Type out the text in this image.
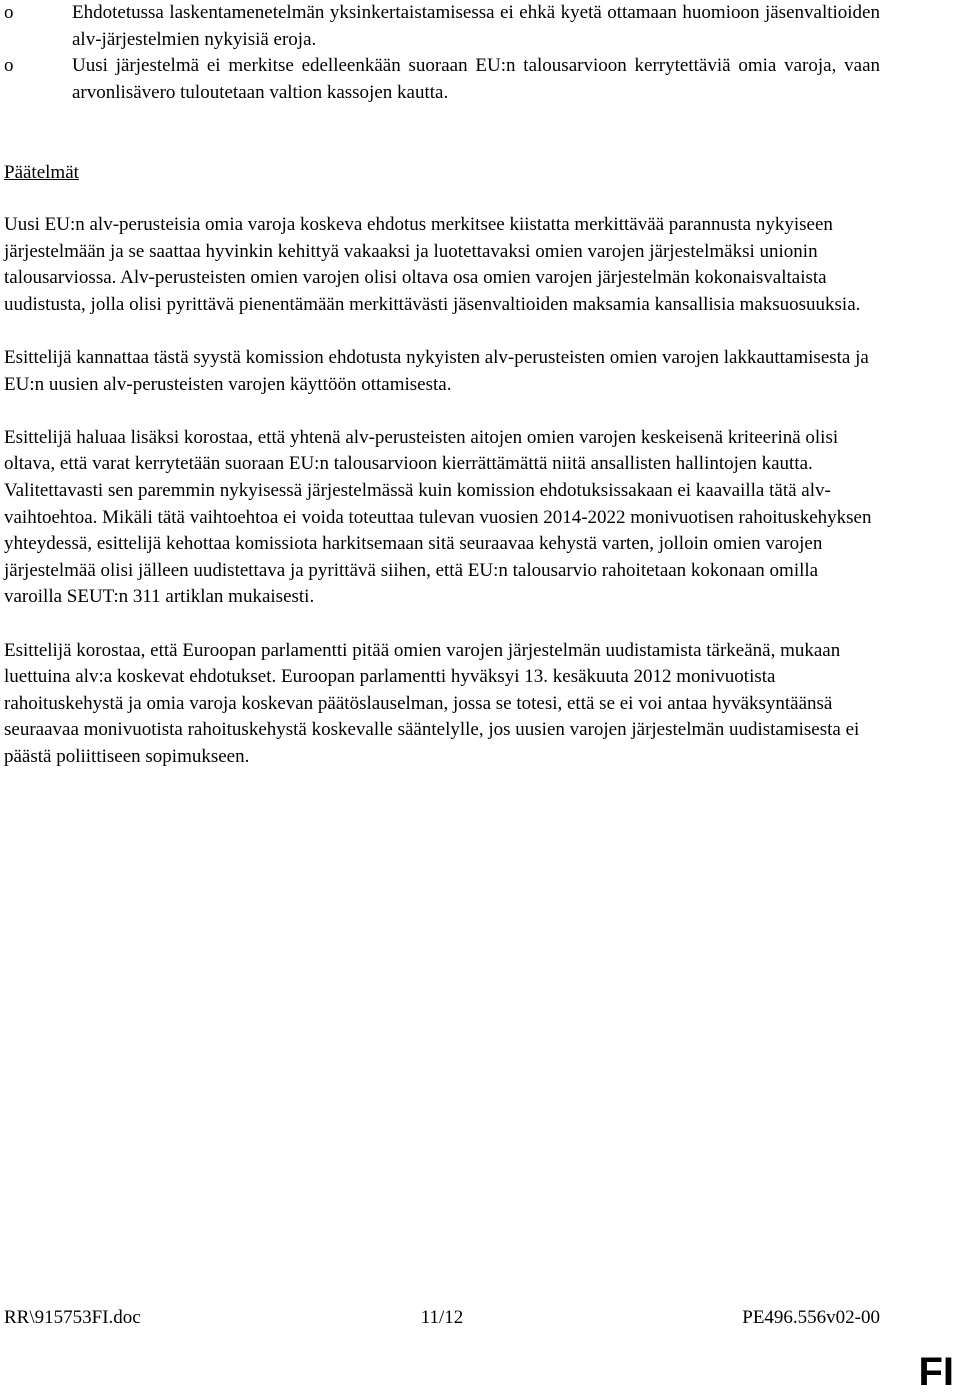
o	Ehdotetussa laskentamenetelmän yksinkertaistamisessa ei ehkä kyetä ottamaan huomioon jäsenvaltioiden alv-järjestelmien nykyisiä eroja.
o	Uusi järjestelmä ei merkitse edelleenkään suoraan EU:n talousarvioon kerrytettäviä omia varoja, vaan arvonlisävero tuloutetaan valtion kassojen kautta.
Päätelmät

Uusi EU:n alv-perusteisia omia varoja koskeva ehdotus merkitsee kiistatta merkittävää parannusta nykyiseen järjestelmään ja se saattaa hyvinkin kehittyä vakaaksi ja luotettavaksi omien varojen järjestelmäksi unionin talousarviossa. Alv-perusteisten omien varojen olisi oltava osa omien varojen järjestelmän kokonaisvaltaista uudistusta, jolla olisi pyrittävä pienentämään merkittävästi jäsenvaltioiden maksamia kansallisia maksuosuuksia.

Esittelijä kannattaa tästä syystä komission ehdotusta nykyisten alv-perusteisten omien varojen lakkauttamisesta ja EU:n uusien alv-perusteisten varojen käyttöön ottamisesta.

Esittelijä haluaa lisäksi korostaa, että yhtenä alv-perusteisten aitojen omien varojen keskeisenä kriteerinä olisi oltava, että varat kerrytetään suoraan EU:n talousarvioon kierrättämättä niitä ansallisten hallintojen kautta. Valitettavasti sen paremmin nykyisessä järjestelmässä kuin komission ehdotuksissakaan ei kaavailla tätä alv-vaihtoehtoa. Mikäli tätä vaihtoehtoa ei voida toteuttaa tulevan vuosien 2014-2022 monivuotisen rahoituskehyksen yhteydessä, esittelijä kehottaa komissiota harkitsemaan sitä seuraavaa kehystä varten, jolloin omien varojen järjestelmää olisi jälleen uudistettava ja pyrittävä siihen, että EU:n talousarvio rahoitetaan kokonaan omilla varoilla SEUT:n 311 artiklan mukaisesti.

Esittelijä korostaa, että Euroopan parlamentti pitää omien varojen järjestelmän uudistamista tärkeänä, mukaan luettuina alv:a koskevat ehdotukset. Euroopan parlamentti hyväksyi 13. kesäkuuta 2012 monivuotista rahoituskehystä ja omia varoja koskevan päätöslauselman, jossa se totesi, että se ei voi antaa hyväksyntäänsä seuraavaa monivuotista rahoituskehystä koskevalle sääntelylle, jos uusien varojen järjestelmän uudistamisesta ei päästä poliittiseen sopimukseen.

RR\915753FI.doc	11/12	PE496.556v02-00
FI
